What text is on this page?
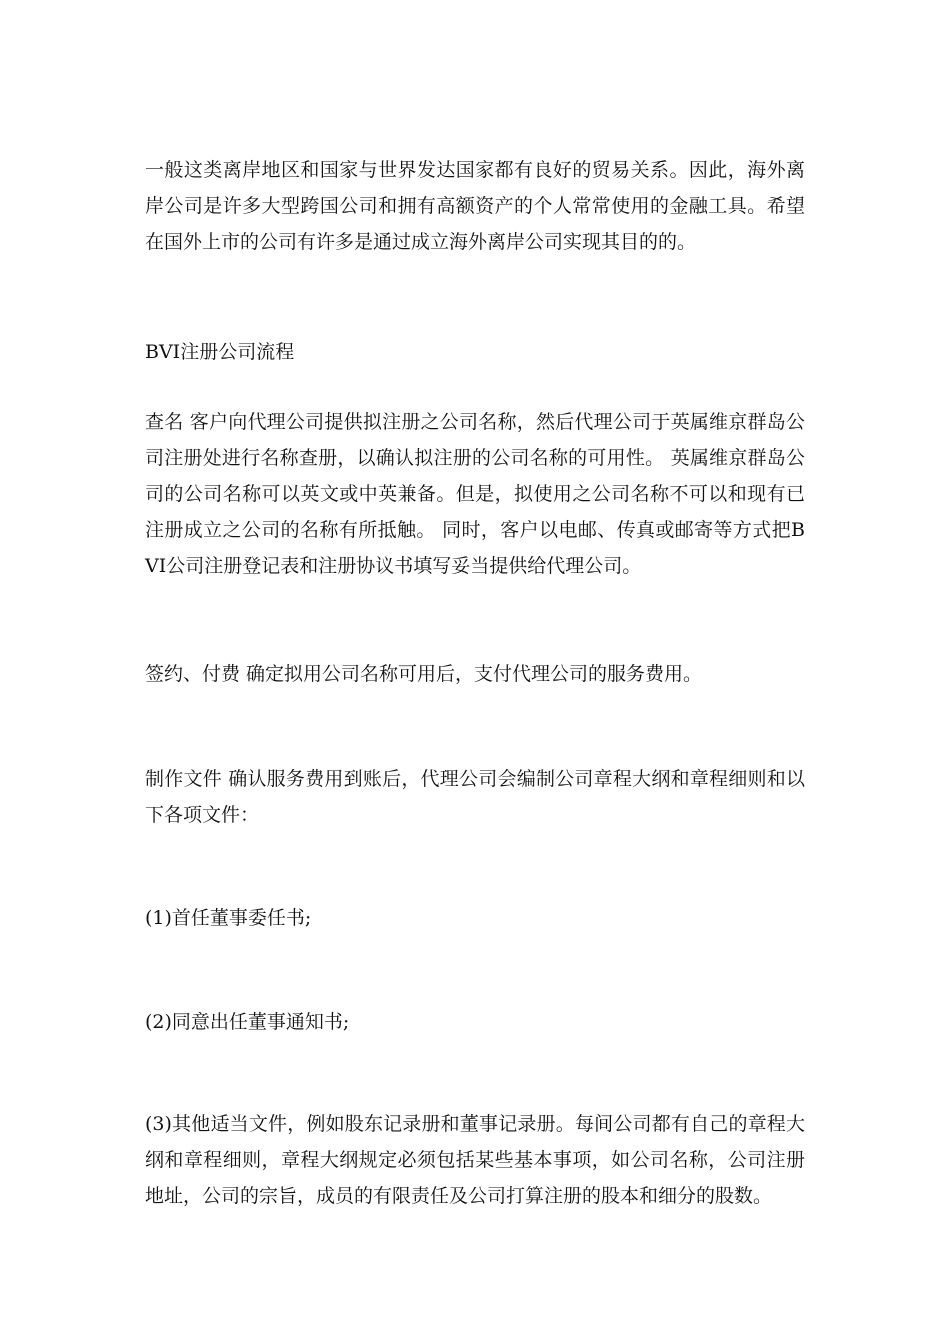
一般这类离岸地区和国家与世界发达国家都有良好的贸易关系。因此，海外离岸公司是许多大型跨国公司和拥有高额资产的个人常常使用的金融工具。希望在国外上市的公司有许多是通过成立海外离岸公司实现其目的的。

BVI注册公司流程

查名 客户向代理公司提供拟注册之公司名称，然后代理公司于英属维京群岛公司注册处进行名称查册，以确认拟注册的公司名称的可用性。 英属维京群岛公司的公司名称可以英文或中英兼备。但是，拟使用之公司名称不可以和现有已注册成立之公司的名称有所抵触。 同时，客户以电邮、传真或邮寄等方式把BVI公司注册登记表和注册协议书填写妥当提供给代理公司。

签约、付费 确定拟用公司名称可用后，支付代理公司的服务费用。

制作文件 确认服务费用到账后，代理公司会编制公司章程大纲和章程细则和以下各项文件：

(1)首任董事委任书;

(2)同意出任董事通知书;

(3)其他适当文件，例如股东记录册和董事记录册。每间公司都有自己的章程大纲和章程细则，章程大纲规定必须包括某些基本事项，如公司名称，公司注册地址，公司的宗旨，成员的有限责任及公司打算注册的股本和细分的股数。
